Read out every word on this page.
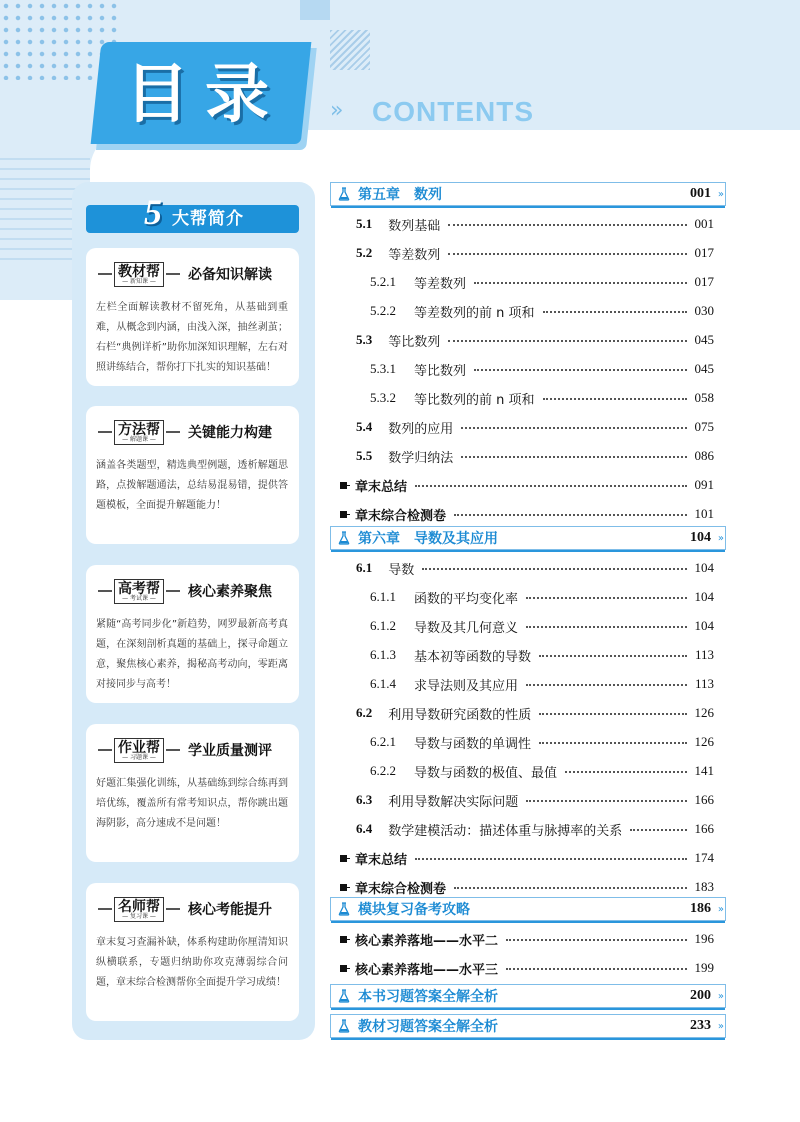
目录	» CONTENTS
5 大帮简介
教材帮
— 新知课 — 必备知识解读
左栏全面解读教材不留死角，从基础到重难，从概念到内涵，由浅入深，抽丝剥茧；右栏“典例详析”助你加深知识理解，左右对照讲练结合，帮你打下扎实的知识基础！
方法帮
— 解题课 — 关键能力构建
涵盖各类题型，精选典型例题，透析解题思路，点拨解题通法，总结易混易错，提供答题模板，全面提升解题能力！
高考帮
— 考试课 — 核心素养聚焦
紧随“高考同步化”新趋势，网罗最新高考真题，在深刻剖析真题的基础上，探寻命题立意，聚焦核心素养，揭秘高考动向，零距离对接同步与高考！
作业帮
— 习题课 — 学业质量测评
好题汇集强化训练，从基础练到综合练再到培优练，覆盖所有常考知识点，帮你跳出题海阴影，高分速成不是问题！
名师帮
— 复习课 — 核心考能提升
章末复习查漏补缺，体系构建助你厘清知识纵横联系，专题归纳助你攻克薄弱综合问题，章末综合检测帮你全面提升学习成绩！
第五章 数列	001 »
5.1 数列基础	001
5.2 等差数列	017
5.2.1 等差数列	017
5.2.2 等差数列的前 n 项和	030
5.3 等比数列	045
5.3.1 等比数列	045
5.3.2 等比数列的前 n 项和	058
5.4 数列的应用	075
5.5 数学归纳法	086
章末总结	091
章末综合检测卷	101
第六章 导数及其应用	104 »
6.1 导数	104
6.1.1 函数的平均变化率	104
6.1.2 导数及其几何意义	104
6.1.3 基本初等函数的导数	113
6.1.4 求导法则及其应用	113
6.2 利用导数研究函数的性质	126
6.2.1 导数与函数的单调性	126
6.2.2 导数与函数的极值、最值	141
6.3 利用导数解决实际问题	166
6.4 数学建模活动：描述体重与脉搏率的关系	166
章末总结	174
章末综合检测卷	183
模块复习备考攻略	186 »
核心素养落地——水平二	196
核心素养落地——水平三	199
本书习题答案全解全析	200 »
教材习题答案全解全析	233 »
